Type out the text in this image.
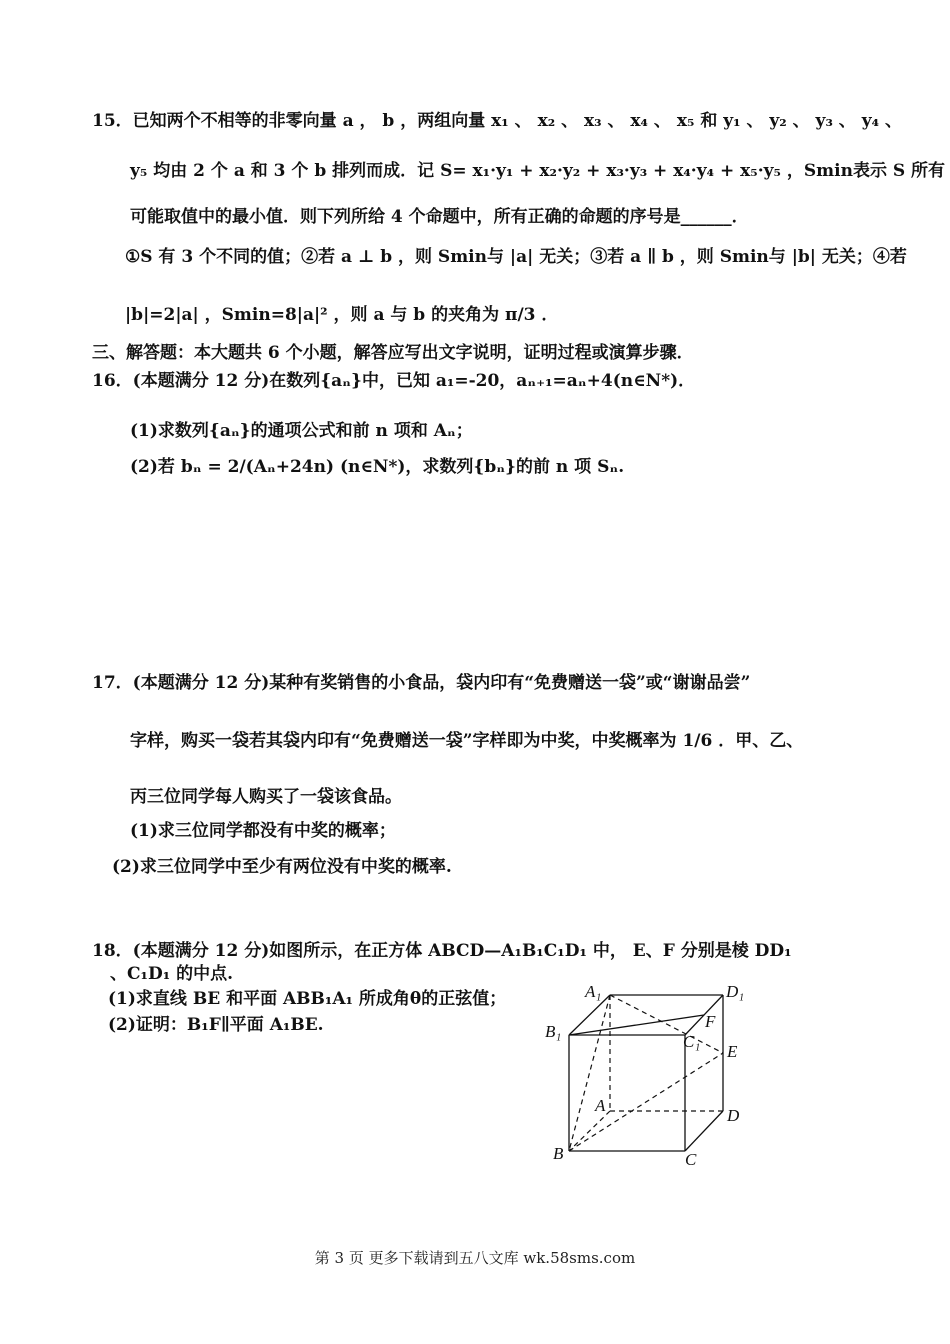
15．已知两个不相等的非零向量 a ， b ，两组向量 x₁ 、 x₂ 、 x₃ 、 x₄ 、 x₅ 和 y₁ 、 y₂ 、 y₃ 、 y₄ 、
y₅ 均由 2 个 a 和 3 个 b 排列而成．记 S= x₁·y₁ + x₂·y₂ + x₃·y₃ + x₄·y₄ + x₅·y₅ ，Smin表示 S 所有
可能取值中的最小值．则下列所给 4 个命题中，所有正确的命题的序号是______．
①S 有 3 个不同的值；②若 a ⊥ b ，则 Smin与 |a| 无关；③若 a ∥ b ，则 Smin与 |b| 无关；④若
|b|=2|a| ，Smin=8|a|² ，则 a 与 b 的夹角为 π/3 ．
三、解答题：本大题共 6 个小题，解答应写出文字说明，证明过程或演算步骤．
16．(本题满分 12 分)在数列{aₙ}中，已知 a₁=-20，aₙ₊₁=aₙ+4(n∈N*)．
(1)求数列{aₙ}的通项公式和前 n 项和 Aₙ；
(2)若 bₙ = 2/(Aₙ+24n) (n∈N*)，求数列{bₙ}的前 n 项 Sₙ.
17．(本题满分 12 分)某种有奖销售的小食品，袋内印有“免费赠送一袋”或“谢谢品尝”
字样，购买一袋若其袋内印有“免费赠送一袋”字样即为中奖，中奖概率为 1/6 ．甲、乙、
丙三位同学每人购买了一袋该食品。
(1)求三位同学都没有中奖的概率；
(2)求三位同学中至少有两位没有中奖的概率.
18．(本题满分 12 分)如图所示，在正方体 ABCD—A₁B₁C₁D₁ 中， E、F 分别是棱 DD₁
、C₁D₁ 的中点.
(1)求直线 BE 和平面 ABB₁A₁ 所成角θ的正弦值；
(2)证明：B₁F∥平面 A₁BE.
A₁	D₁
B₁
F
C₁
E
A
D
B	C
第 3 页 更多下载请到五八文库 wk.58sms.com
